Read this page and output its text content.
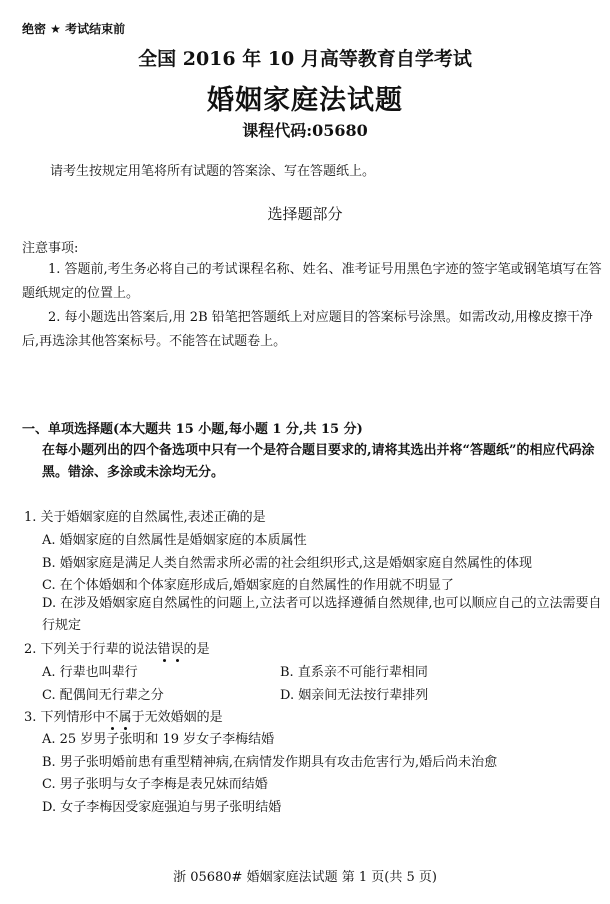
绝密 ★ 考试结束前
全国 2016 年 10 月高等教育自学考试
婚姻家庭法试题
课程代码:05680
请考生按规定用笔将所有试题的答案涂、写在答题纸上。
选择题部分
注意事项:
1. 答题前,考生务必将自己的考试课程名称、姓名、准考证号用黑色字迹的签字笔或钢笔填写在答题纸规定的位置上。
2. 每小题选出答案后,用 2B 铅笔把答题纸上对应题目的答案标号涂黑。如需改动,用橡皮擦干净后,再选涂其他答案标号。不能答在试题卷上。
一、单项选择题(本大题共 15 小题,每小题 1 分,共 15 分)
在每小题列出的四个备选项中只有一个是符合题目要求的,请将其选出并将“答题纸”的相应代码涂黑。错涂、多涂或未涂均无分。
1. 关于婚姻家庭的自然属性,表述正确的是
A. 婚姻家庭的自然属性是婚姻家庭的本质属性
B. 婚姻家庭是满足人类自然需求所必需的社会组织形式,这是婚姻家庭自然属性的体现
C. 在个体婚姻和个体家庭形成后,婚姻家庭的自然属性的作用就不明显了
D. 在涉及婚姻家庭自然属性的问题上,立法者可以选择遵循自然规律,也可以顺应自己的立法需要自行规定
2. 下列关于行辈的说法错误的是
A. 行辈也叫辈行	B. 直系亲不可能行辈相同
C. 配偶间无行辈之分	D. 姻亲间无法按行辈排列
3. 下列情形中不属于无效婚姻的是
A. 25 岁男子张明和 19 岁女子李梅结婚
B. 男子张明婚前患有重型精神病,在病情发作期具有攻击危害行为,婚后尚未治愈
C. 男子张明与女子李梅是表兄妹而结婚
D. 女子李梅因受家庭强迫与男子张明结婚
浙 05680# 婚姻家庭法试题 第 1 页(共 5 页)
